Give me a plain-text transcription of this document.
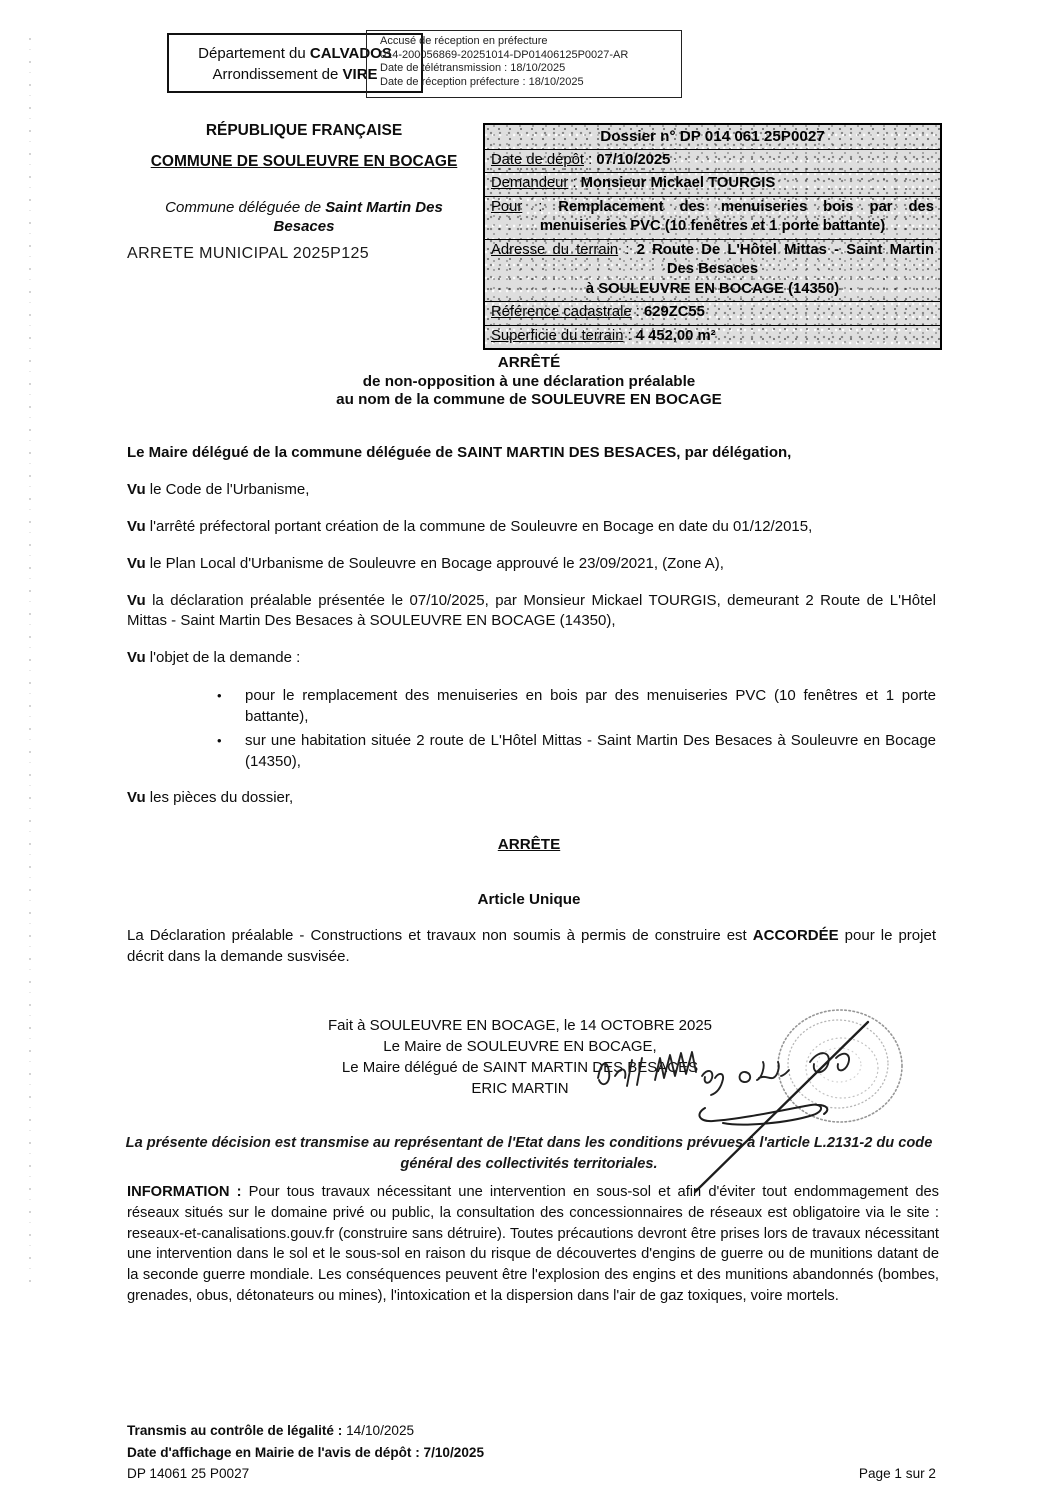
Département du CALVADOS
Arrondissement de VIRE
Accusé de réception en préfecture
014-200056869-20251014-DP01406125P0027-AR
Date de télétransmission : 18/10/2025
Date de réception préfecture : 18/10/2025
RÉPUBLIQUE FRANÇAISE
COMMUNE DE SOULEUVRE EN BOCAGE
Commune déléguée de Saint Martin Des Besaces
ARRETE MUNICIPAL 2025P125
Dossier n° DP 014 061 25P0027
Date de dépôt : 07/10/2025
Demandeur : Monsieur Mickael TOURGIS
Pour : Remplacement des menuiseries bois par des
menuiseries PVC (10 fenêtres et 1 porte battante)
Adresse du terrain : 2 Route De L'Hôtel Mittas - Saint Martin
Des Besaces
à SOULEUVRE EN BOCAGE (14350)
Référence cadastrale : 629ZC55
Superficie du terrain : 4 452,00 m²
ARRÊTÉ
de non-opposition à une déclaration préalable
au nom de la commune de SOULEUVRE EN BOCAGE

Le Maire délégué de la commune déléguée de SAINT MARTIN DES BESACES, par délégation,

Vu le Code de l'Urbanisme,

Vu l'arrêté préfectoral portant création de la commune de Souleuvre en Bocage en date du 01/12/2015,

Vu le Plan Local d'Urbanisme de Souleuvre en Bocage approuvé le 23/09/2021, (Zone A),

Vu la déclaration préalable présentée le 07/10/2025, par Monsieur Mickael TOURGIS, demeurant 2 Route de L'Hôtel Mittas - Saint Martin Des Besaces à SOULEUVRE EN BOCAGE (14350),

Vu l'objet de la demande :

• pour le remplacement des menuiseries en bois par des menuiseries PVC (10 fenêtres et 1 porte battante),
• sur une habitation située 2 route de L'Hôtel Mittas - Saint Martin Des Besaces à Souleuvre en Bocage (14350),

Vu les pièces du dossier,

ARRÊTE
Article Unique

La Déclaration préalable - Constructions et travaux non soumis à permis de construire est ACCORDÉE pour le projet décrit dans la demande susvisée.

Fait à SOULEUVRE EN BOCAGE, le 14 OCTOBRE 2025
Le Maire de SOULEUVRE EN BOCAGE,
Le Maire délégué de SAINT MARTIN DES BESACES
ERIC MARTIN
La présente décision est transmise au représentant de l'Etat dans les conditions prévues à l'article L.2131-2 du code général des collectivités territoriales.

INFORMATION : Pour tous travaux nécessitant une intervention en sous-sol et afin d'éviter tout endommagement des réseaux situés sur le domaine privé ou public, la consultation des concessionnaires de réseaux est obligatoire via le site : reseaux-et-canalisations.gouv.fr (construire sans détruire). Toutes précautions devront être prises lors de travaux nécessitant une intervention dans le sol et le sous-sol en raison du risque de découvertes d'engins de guerre ou de munitions datant de la seconde guerre mondiale. Les conséquences peuvent être l'explosion des engins et des munitions abandonnés (bombes, grenades, obus, détonateurs ou mines), l'intoxication et la dispersion dans l'air de gaz toxiques, voire mortels.

Transmis au contrôle de légalité : 14/10/2025
Date d'affichage en Mairie de l'avis de dépôt : 7/10/2025
DP 14061 25 P0027	Page 1 sur 2
